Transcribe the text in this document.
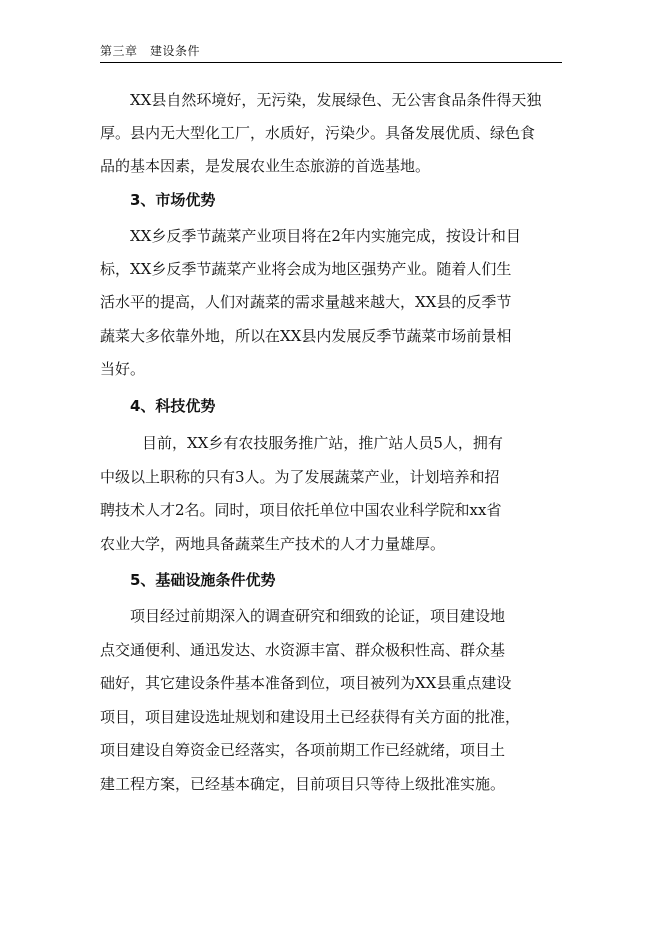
第三章　建设条件
XX县自然环境好，无污染，发展绿色、无公害食品条件得天独
厚。县内无大型化工厂，水质好，污染少。具备发展优质、绿色食
品的基本因素，是发展农业生态旅游的首选基地。
3、市场优势
XX乡反季节蔬菜产业项目将在2年内实施完成，按设计和目
标，XX乡反季节蔬菜产业将会成为地区强势产业。随着人们生
活水平的提高，人们对蔬菜的需求量越来越大，XX县的反季节
蔬菜大多依靠外地，所以在XX县内发展反季节蔬菜市场前景相
当好。
4、科技优势
目前，XX乡有农技服务推广站，推广站人员5人，拥有
中级以上职称的只有3人。为了发展蔬菜产业，计划培养和招
聘技术人才2名。同时，项目依托单位中国农业科学院和xx省
农业大学，两地具备蔬菜生产技术的人才力量雄厚。
5、基础设施条件优势
项目经过前期深入的调查研究和细致的论证，项目建设地
点交通便利、通迅发达、水资源丰富、群众极积性高、群众基
础好，其它建设条件基本准备到位，项目被列为XX县重点建设
项目，项目建设选址规划和建设用土已经获得有关方面的批准，
项目建设自筹资金已经落实，各项前期工作已经就绪，项目土
建工程方案，已经基本确定，目前项目只等待上级批准实施。
